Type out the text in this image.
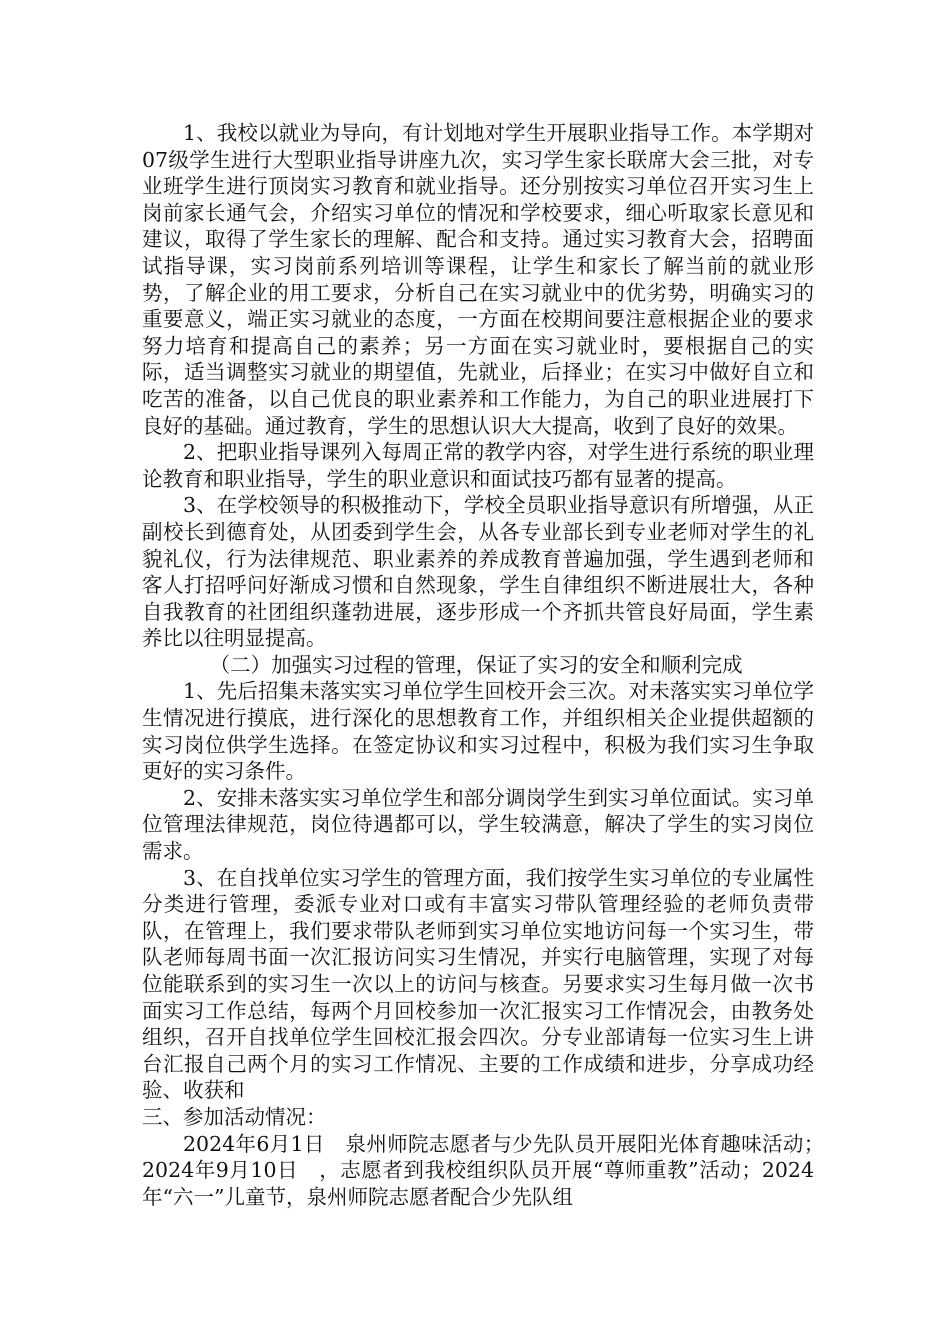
1、我校以就业为导向，有计划地对学生开展职业指导工作。本学期对07级学生进行大型职业指导讲座九次，实习学生家长联席大会三批，对专业班学生进行顶岗实习教育和就业指导。还分别按实习单位召开实习生上岗前家长通气会，介绍实习单位的情况和学校要求，细心听取家长意见和建议，取得了学生家长的理解、配合和支持。通过实习教育大会，招聘面试指导课，实习岗前系列培训等课程，让学生和家长了解当前的就业形势，了解企业的用工要求，分析自己在实习就业中的优劣势，明确实习的重要意义，端正实习就业的态度，一方面在校期间要注意根据企业的要求努力培育和提高自己的素养；另一方面在实习就业时，要根据自己的实际，适当调整实习就业的期望值，先就业，后择业；在实习中做好自立和吃苦的准备，以自己优良的职业素养和工作能力，为自己的职业进展打下良好的基础。通过教育，学生的思想认识大大提高，收到了良好的效果。

2、把职业指导课列入每周正常的教学内容，对学生进行系统的职业理论教育和职业指导，学生的职业意识和面试技巧都有显著的提高。

3、在学校领导的积极推动下，学校全员职业指导意识有所增强，从正副校长到德育处，从团委到学生会，从各专业部长到专业老师对学生的礼貌礼仪，行为法律规范、职业素养的养成教育普遍加强，学生遇到老师和客人打招呼问好渐成习惯和自然现象，学生自律组织不断进展壮大，各种自我教育的社团组织蓬勃进展，逐步形成一个齐抓共管良好局面，学生素养比以往明显提高。

（二）加强实习过程的管理，保证了实习的安全和顺利完成

1、先后招集未落实实习单位学生回校开会三次。对未落实实习单位学生情况进行摸底，进行深化的思想教育工作，并组织相关企业提供超额的实习岗位供学生选择。在签定协议和实习过程中，积极为我们实习生争取更好的实习条件。

2、安排未落实实习单位学生和部分调岗学生到实习单位面试。实习单位管理法律规范，岗位待遇都可以，学生较满意，解决了学生的实习岗位需求。

3、在自找单位实习学生的管理方面，我们按学生实习单位的专业属性分类进行管理，委派专业对口或有丰富实习带队管理经验的老师负责带队，在管理上，我们要求带队老师到实习单位实地访问每一个实习生，带队老师每周书面一次汇报访问实习生情况，并实行电脑管理，实现了对每位能联系到的实习生一次以上的访问与核查。另要求实习生每月做一次书面实习工作总结，每两个月回校参加一次汇报实习工作情况会，由教务处组织，召开自找单位学生回校汇报会四次。分专业部请每一位实习生上讲台汇报自己两个月的实习工作情况、主要的工作成绩和进步，分享成功经验、收获和

三、参加活动情况：

2024年6月1日　泉州师院志愿者与少先队员开展阳光体育趣味活动；　2024年9月10日　，志愿者到我校组织队员开展“尊师重教”活动；2024年“六一”儿童节，泉州师院志愿者配合少先队组
